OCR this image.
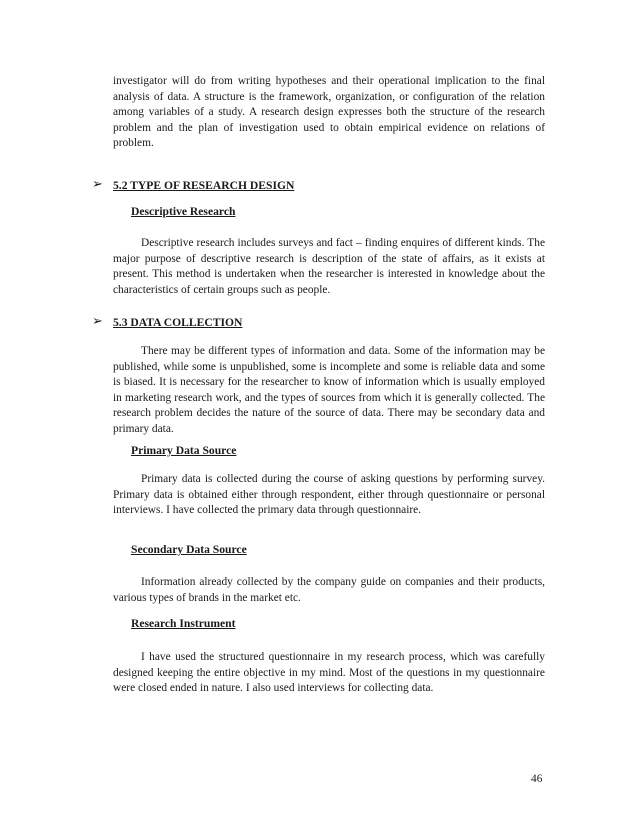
investigator will do from writing hypotheses and their operational implication to the final analysis of data. A structure is the framework, organization, or configuration of the relation among variables of a study. A research design expresses both the structure of the research problem and the plan of investigation used to obtain empirical evidence on relations of problem.

➢ 5.2 TYPE OF RESEARCH DESIGN
Descriptive Research

Descriptive research includes surveys and fact – finding enquires of different kinds. The major purpose of descriptive research is description of the state of affairs, as it exists at present. This method is undertaken when the researcher is interested in knowledge about the characteristics of certain groups such as people.

➢ 5.3 DATA COLLECTION

There may be different types of information and data. Some of the information may be published, while some is unpublished, some is incomplete and some is reliable data and some is biased. It is necessary for the researcher to know of information which is usually employed in marketing research work, and the types of sources from which it is generally collected. The research problem decides the nature of the source of data. There may be secondary data and primary data.

Primary Data Source

Primary data is collected during the course of asking questions by performing survey. Primary data is obtained either through respondent, either through questionnaire or personal interviews. I have collected the primary data through questionnaire.

Secondary Data Source

Information already collected by the company guide on companies and their products, various types of brands in the market etc.

Research Instrument

I have used the structured questionnaire in my research process, which was carefully designed keeping the entire objective in my mind. Most of the questions in my questionnaire were closed ended in nature. I also used interviews for collecting data.

46
